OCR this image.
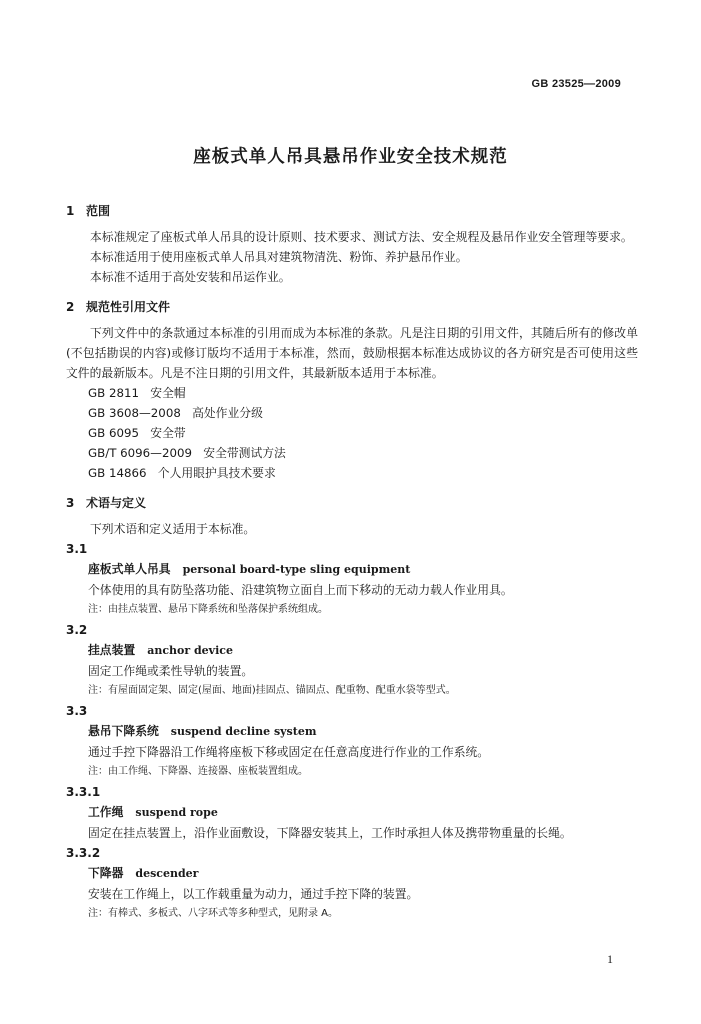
GB 23525—2009
座板式单人吊具悬吊作业安全技术规范
1 范围
本标准规定了座板式单人吊具的设计原则、技术要求、测试方法、安全规程及悬吊作业安全管理等要求。
本标准适用于使用座板式单人吊具对建筑物清洗、粉饰、养护悬吊作业。
本标准不适用于高处安装和吊运作业。
2 规范性引用文件
下列文件中的条款通过本标准的引用而成为本标准的条款。凡是注日期的引用文件，其随后所有的修改单(不包括勘误的内容)或修订版均不适用于本标准，然而，鼓励根据本标准达成协议的各方研究是否可使用这些文件的最新版本。凡是不注日期的引用文件，其最新版本适用于本标准。
GB 2811 安全帽
GB 3608—2008 高处作业分级
GB 6095 安全带
GB/T 6096—2009 安全带测试方法
GB 14866 个人用眼护具技术要求
3 术语与定义
下列术语和定义适用于本标准。
3.1
座板式单人吊具 personal board-type sling equipment
个体使用的具有防坠落功能、沿建筑物立面自上而下移动的无动力载人作业用具。
注：由挂点装置、悬吊下降系统和坠落保护系统组成。
3.2
挂点装置 anchor device
固定工作绳或柔性导轨的装置。
注：有屋面固定架、固定(屋面、地面)挂固点、锚固点、配重物、配重水袋等型式。
3.3
悬吊下降系统 suspend decline system
通过手控下降器沿工作绳将座板下移或固定在任意高度进行作业的工作系统。
注：由工作绳、下降器、连接器、座板装置组成。
3.3.1
工作绳 suspend rope
固定在挂点装置上，沿作业面敷设，下降器安装其上，工作时承担人体及携带物重量的长绳。
3.3.2
下降器 descender
安装在工作绳上，以工作载重量为动力，通过手控下降的装置。
注：有棒式、多板式、八字环式等多种型式，见附录 A。
1
